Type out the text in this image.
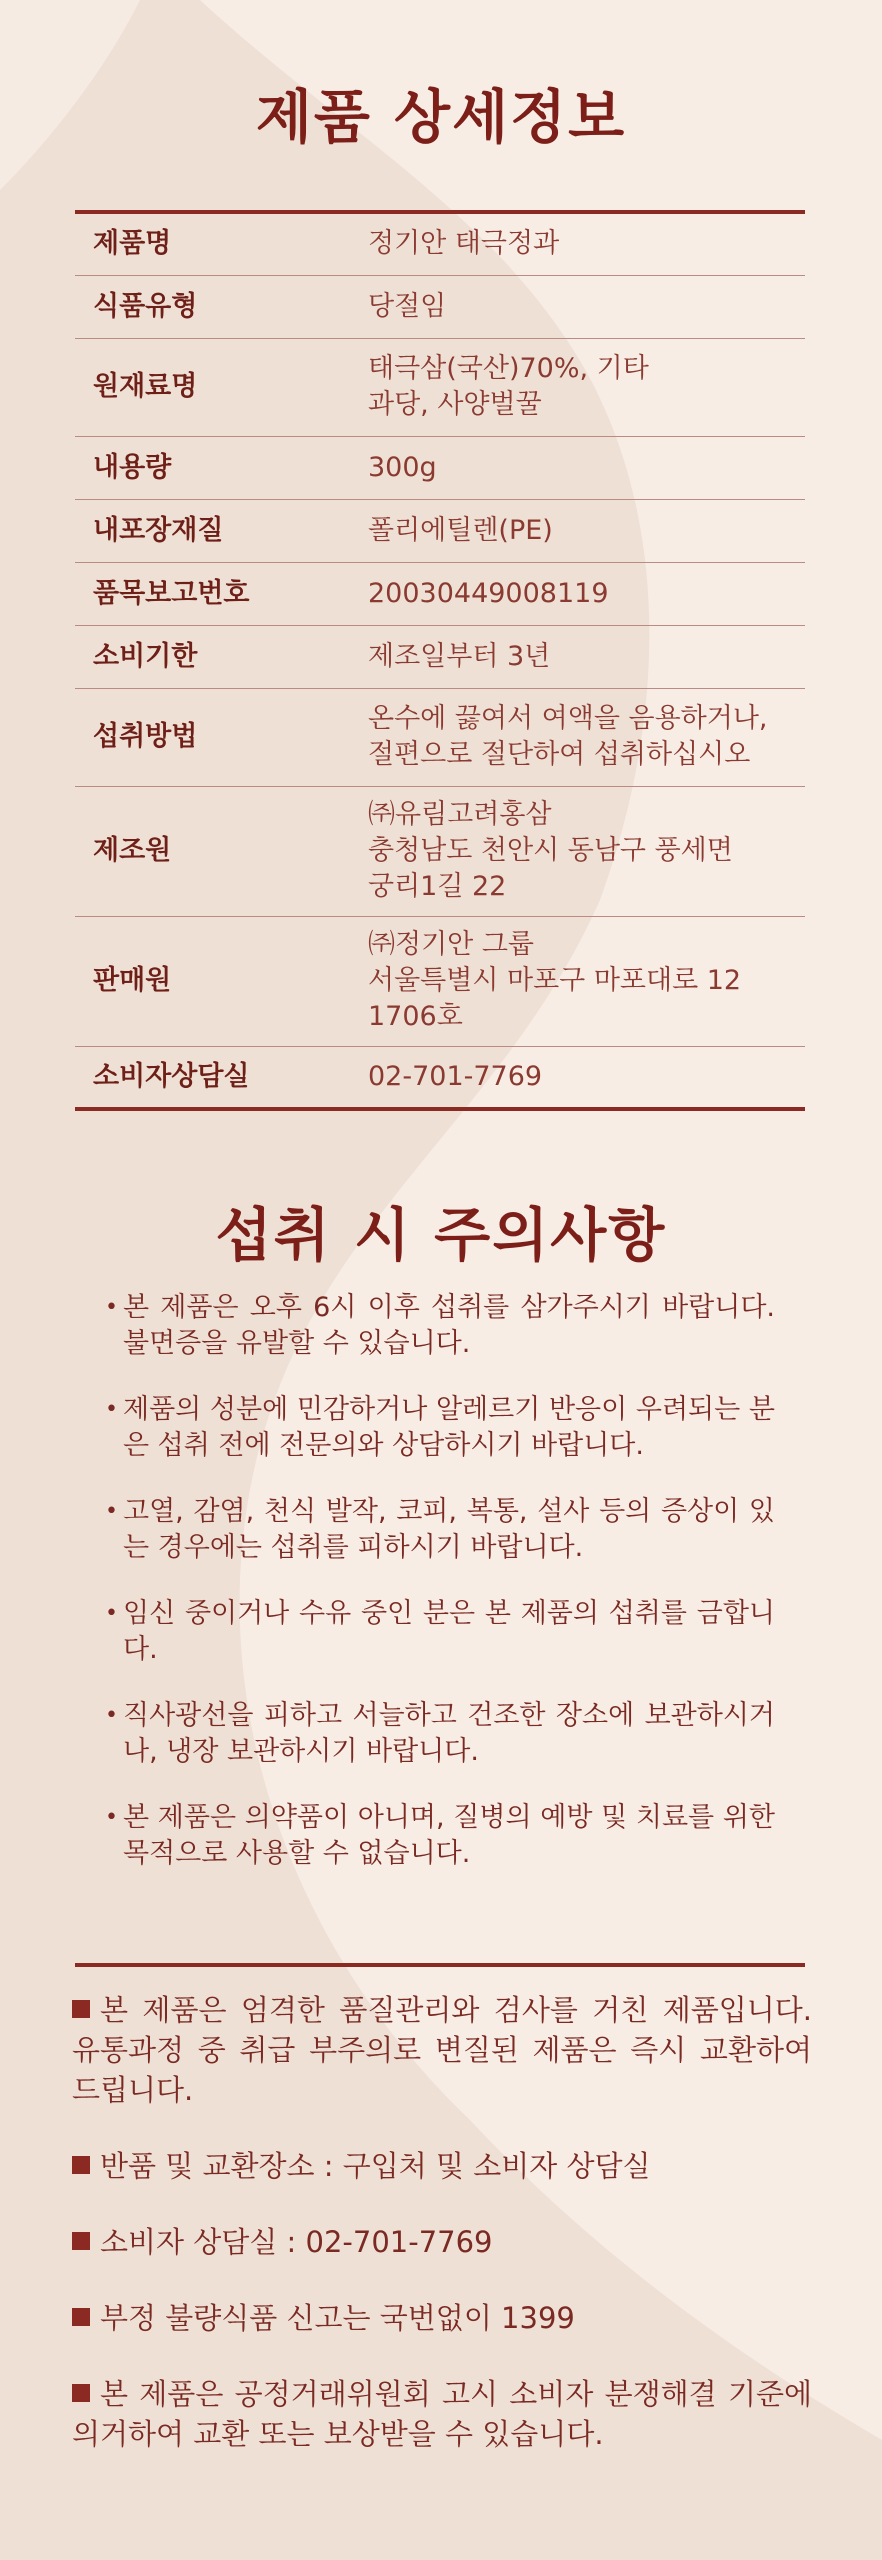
제품 상세정보
제품명	정기안 태극정과
식품유형	당절임
원재료명	태극삼(국산)70%, 기타
과당, 사양벌꿀
내용량	300g
내포장재질	폴리에틸렌(PE)
품목보고번호	20030449008119
소비기한	제조일부터 3년
섭취방법	온수에 끓여서 여액을 음용하거나,
절편으로 절단하여 섭취하십시오
제조원	㈜유림고려홍삼
충청남도 천안시 동남구 풍세면
궁리1길 22
판매원	㈜정기안 그룹
서울특별시 마포구 마포대로 12
1706호
소비자상담실	02-701-7769
섭취 시 주의사항
• 본 제품은 오후 6시 이후 섭취를 삼가주시기 바랍니다. 불면증을 유발할 수 있습니다.
• 제품의 성분에 민감하거나 알레르기 반응이 우려되는 분은 섭취 전에 전문의와 상담하시기 바랍니다.
• 고열, 감염, 천식 발작, 코피, 복통, 설사 등의 증상이 있는 경우에는 섭취를 피하시기 바랍니다.
• 임신 중이거나 수유 중인 분은 본 제품의 섭취를 금합니다.
• 직사광선을 피하고 서늘하고 건조한 장소에 보관하시거나, 냉장 보관하시기 바랍니다.
• 본 제품은 의약품이 아니며, 질병의 예방 및 치료를 위한 목적으로 사용할 수 없습니다.

본 제품은 엄격한 품질관리와 검사를 거친 제품입니다. 유통과정 중 취급 부주의로 변질된 제품은 즉시 교환하여 드립니다.

반품 및 교환장소 : 구입처 및 소비자 상담실

소비자 상담실 : 02-701-7769

부정 불량식품 신고는 국번없이 1399

본 제품은 공정거래위원회 고시 소비자 분쟁해결 기준에 의거하여 교환 또는 보상받을 수 있습니다.
